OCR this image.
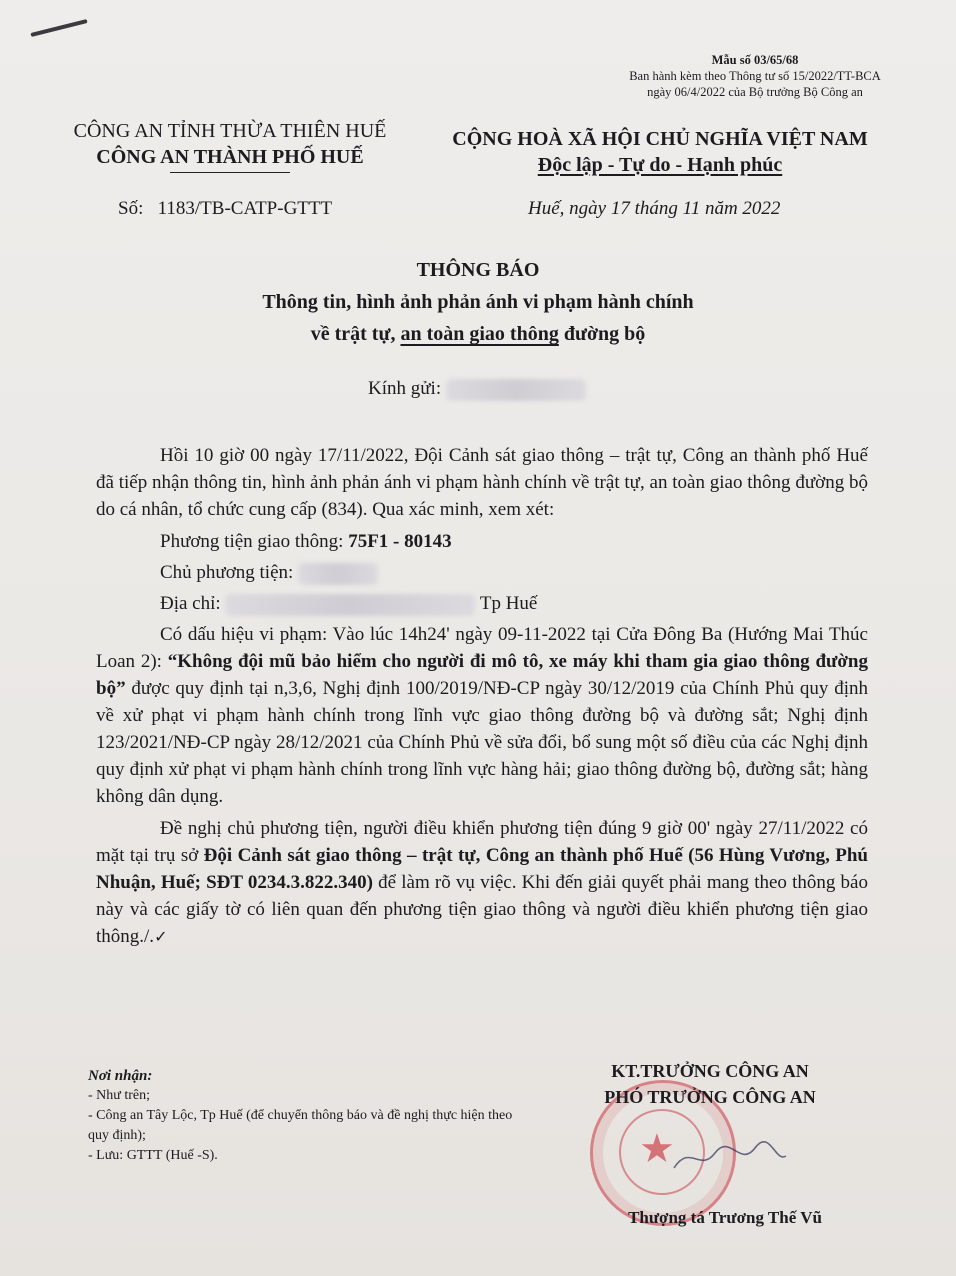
Mẫu số 03/65/68
Ban hành kèm theo Thông tư số 15/2022/TT-BCA
ngày 06/4/2022 của Bộ trưởng Bộ Công an
CÔNG AN TỈNH THỪA THIÊN HUẾ
CÔNG AN THÀNH PHỐ HUẾ
CỘNG HOÀ XÃ HỘI CHỦ NGHĨA VIỆT NAM
Độc lập - Tự do - Hạnh phúc
Số: 1183/TB-CATP-GTTT	Huế, ngày 17 tháng 11 năm 2022
THÔNG BÁO
Thông tin, hình ảnh phản ánh vi phạm hành chính
về trật tự, an toàn giao thông đường bộ
Kính gửi:

Hồi 10 giờ 00 ngày 17/11/2022, Đội Cảnh sát giao thông – trật tự, Công an thành phố Huế đã tiếp nhận thông tin, hình ảnh phản ánh vi phạm hành chính về trật tự, an toàn giao thông đường bộ do cá nhân, tổ chức cung cấp (834). Qua xác minh, xem xét:

Phương tiện giao thông: 75F1 - 80143
Chủ phương tiện:
Địa chỉ:	Tp Huế

Có dấu hiệu vi phạm: Vào lúc 14h24' ngày 09-11-2022 tại Cửa Đông Ba (Hướng Mai Thúc Loan 2): “Không đội mũ bảo hiểm cho người đi mô tô, xe máy khi tham gia giao thông đường bộ” được quy định tại n,3,6, Nghị định 100/2019/NĐ-CP ngày 30/12/2019 của Chính Phủ quy định về xử phạt vi phạm hành chính trong lĩnh vực giao thông đường bộ và đường sắt; Nghị định 123/2021/NĐ-CP ngày 28/12/2021 của Chính Phủ về sửa đổi, bổ sung một số điều của các Nghị định quy định xử phạt vi phạm hành chính trong lĩnh vực hàng hải; giao thông đường bộ, đường sắt; hàng không dân dụng.

Đề nghị chủ phương tiện, người điều khiển phương tiện đúng 9 giờ 00' ngày 27/11/2022 có mặt tại trụ sở Đội Cảnh sát giao thông – trật tự, Công an thành phố Huế (56 Hùng Vương, Phú Nhuận, Huế; SĐT 0234.3.822.340) để làm rõ vụ việc. Khi đến giải quyết phải mang theo thông báo này và các giấy tờ có liên quan đến phương tiện giao thông và người điều khiển phương tiện giao thông./.✓

Nơi nhận:
- Như trên;
- Công an Tây Lộc, Tp Huế (để chuyển thông báo và đề nghị thực hiện theo quy định);
- Lưu: GTTT (Huế -S).	★
KT.TRƯỞNG CÔNG AN
PHÓ TRƯỞNG CÔNG AN
Thượng tá Trương Thế Vũ
